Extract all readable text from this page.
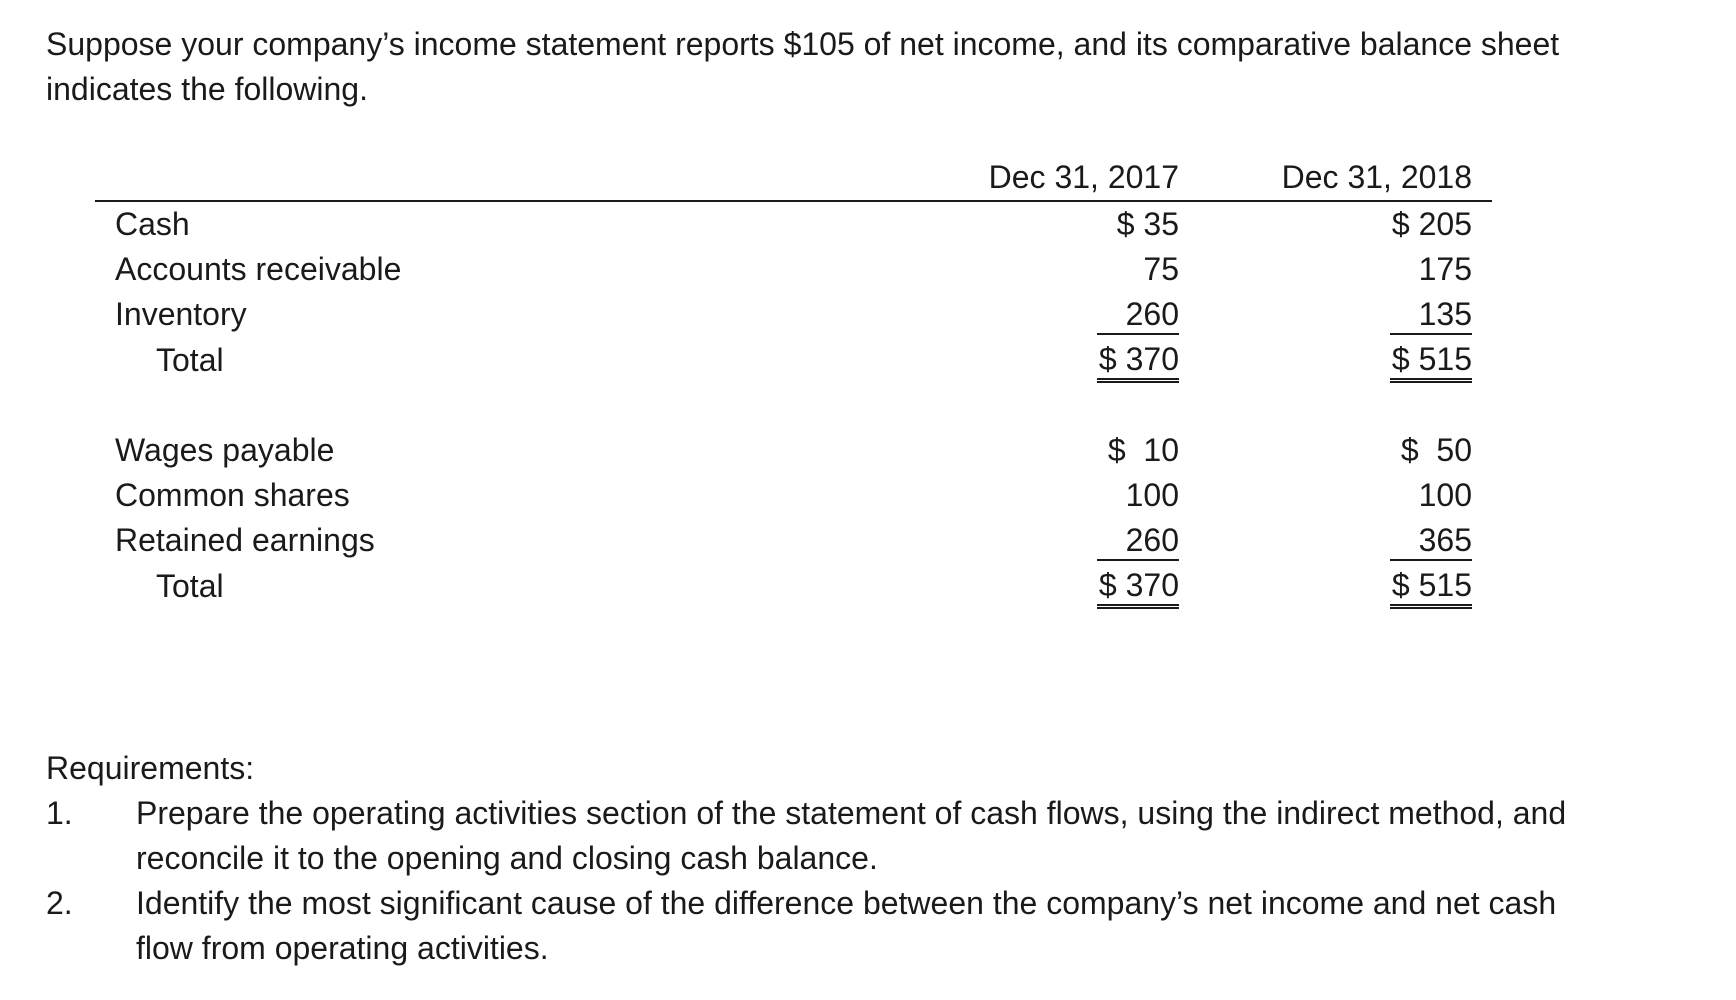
Suppose your company’s income statement reports $105 of net income, and its comparative balance sheet indicates the following.

	Dec 31, 2017	Dec 31, 2018
Cash	$ 35	$ 205
Accounts receivable	75	175
Inventory	260	135
Total	$ 370	$ 515

Wages payable	$  10	$  50
Common shares	100	100
Retained earnings	260	365
Total	$ 370	$ 515

Requirements:

1.	Prepare the operating activities section of the statement of cash flows, using the indirect method, and reconcile it to the opening and closing cash balance.
2.	Identify the most significant cause of the difference between the company’s net income and net cash flow from operating activities.
